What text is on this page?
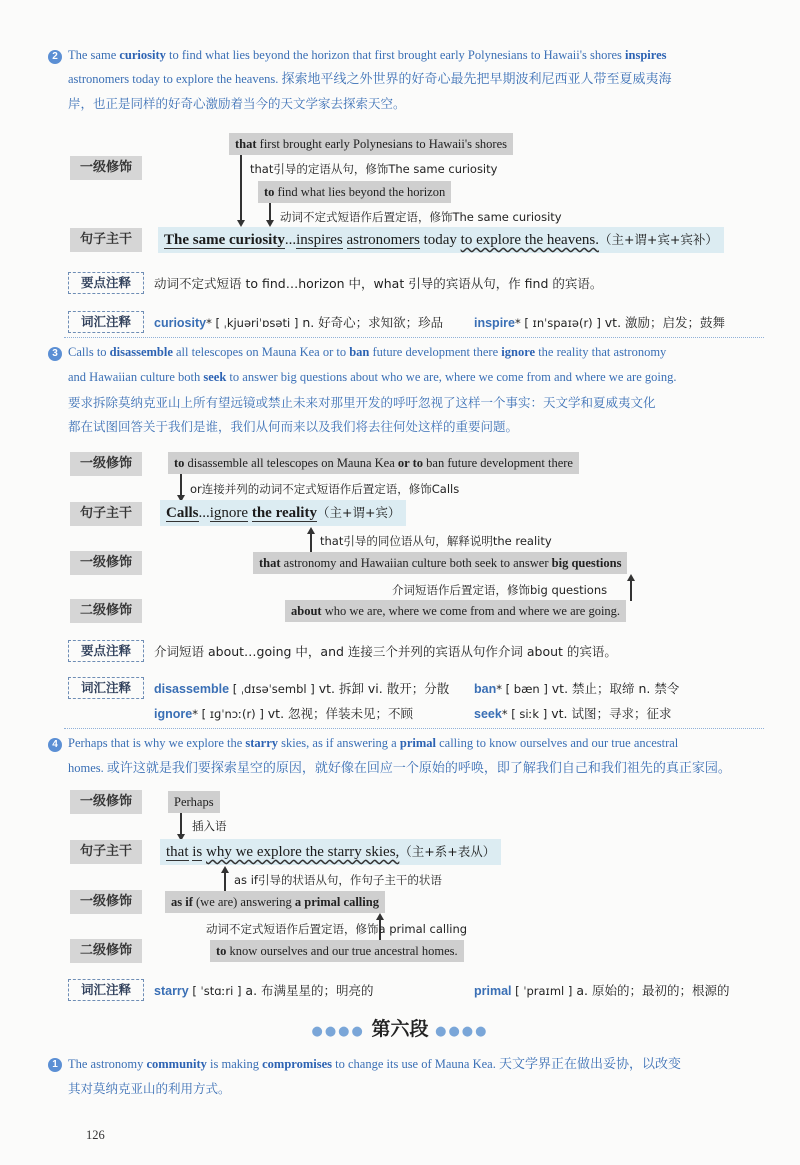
2 The same curiosity to find what lies beyond the horizon that first brought early Polynesians to Hawaii's shores inspires
astronomers today to explore the heavens. 探索地平线之外世界的好奇心最先把早期波利尼西亚人带至夏威夷海
岸，也正是同样的好奇心激励着当今的天文学家去探索天空。
一级修饰
that first brought early Polynesians to Hawaii's shores
that引导的定语从句，修饰The same curiosity
to find what lies beyond the horizon
动词不定式短语作后置定语，修饰The same curiosity
句子主干	The same curiosity...inspires astronomers today to explore the heavens.（主+谓+宾+宾补）
要点注释	动词不定式短语 to find…horizon 中，what 引导的宾语从句，作 find 的宾语。
词汇注释	curiosity* [ ˌkjuəriˈɒsəti ] n. 好奇心；求知欲；珍品 inspire* [ ɪnˈspaɪə(r) ] vt. 激励；启发；鼓舞
3 Calls to disassemble all telescopes on Mauna Kea or to ban future development there ignore the reality that astronomy
and Hawaiian culture both seek to answer big questions about who we are, where we come from and where we are going.
要求拆除莫纳克亚山上所有望远镜或禁止未来对那里开发的呼吁忽视了这样一个事实：天文学和夏威夷文化
都在试图回答关于我们是谁，我们从何而来以及我们将去往何处这样的重要问题。
一级修饰	to disassemble all telescopes on Mauna Kea or to ban future development there
or连接并列的动词不定式短语作后置定语，修饰Calls
句子主干	Calls...ignore the reality（主+谓+宾）
that引导的同位语从句，解释说明the reality
一级修饰	that astronomy and Hawaiian culture both seek to answer big questions
介词短语作后置定语，修饰big questions
二级修饰	about who we are, where we come from and where we are going.
要点注释	介词短语 about…going 中，and 连接三个并列的宾语从句作介词 about 的宾语。
词汇注释	disassemble [ ˌdɪsəˈsembl ] vt. 拆卸 vi. 散开；分散 ban* [ bæn ] vt. 禁止；取缔 n. 禁令
ignore* [ ɪɡˈnɔː(r) ] vt. 忽视；佯装未见；不顾	seek* [ siːk ] vt. 试图；寻求；征求
4 Perhaps that is why we explore the starry skies, as if answering a primal calling to know ourselves and our true ancestral
homes. 或许这就是我们要探索星空的原因，就好像在回应一个原始的呼唤，即了解我们自己和我们祖先的真正家园。
一级修饰	Perhaps
插入语
句子主干	that is why we explore the starry skies,（主+系+表从）
as if引导的状语从句，作句子主干的状语
一级修饰	as if (we are) answering a primal calling
动词不定式短语作后置定语，修饰a primal calling
二级修饰	to know ourselves and our true ancestral homes.
词汇注释	starry [ ˈstɑːri ] a. 布满星星的；明亮的	primal [ ˈpraɪml ] a. 原始的；最初的；根源的
●●●● 第六段 ●●●●
1 The astronomy community is making compromises to change its use of Mauna Kea. 天文学界正在做出妥协，以改变
其对莫纳克亚山的利用方式。
126
